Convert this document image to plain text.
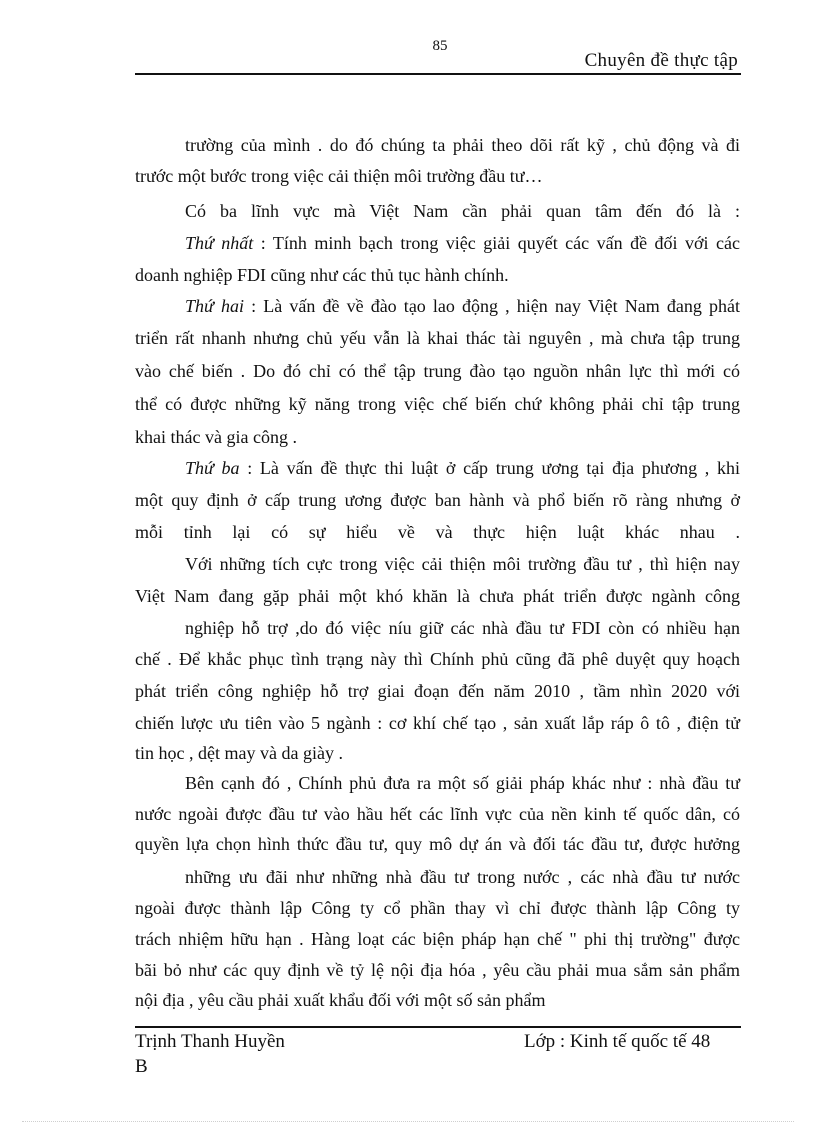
85
Chuyên đề thực tập
trường của mình . do đó chúng ta phải theo dõi rất kỹ , chủ động và đi
trước một bước trong việc cải thiện môi trường đầu tư…
Có ba lĩnh vực mà Việt Nam cần phải quan tâm đến đó là :
Thứ nhất : Tính minh bạch trong việc giải quyết các vấn đề đối với các
doanh nghiệp FDI cũng như các thủ tục hành chính.
Thứ hai : Là vấn đề về đào tạo lao động , hiện nay Việt Nam đang phát
triển rất nhanh nhưng chủ yếu vẫn là khai thác tài nguyên , mà chưa tập trung
vào chế biến . Do đó chỉ có thể tập trung đào tạo nguồn nhân lực thì mới có
thể có được những kỹ năng trong việc chế biến chứ không phải chỉ tập trung
khai thác và gia công .
Thứ ba : Là vấn đề thực thi luật ở cấp trung ương tại địa phương , khi
một quy định ở cấp trung ương được ban hành và phổ biến rõ ràng nhưng ở
mỗi tỉnh lại có sự hiểu về và thực hiện luật khác nhau .
Với những tích cực trong việc cải thiện môi trường đầu tư , thì hiện nay
Việt Nam đang gặp phải một khó khăn là chưa phát triển được ngành công
nghiệp hỗ trợ ,do đó việc níu giữ các nhà đầu tư FDI còn có nhiều hạn
chế . Để khắc phục tình trạng này thì Chính phủ cũng đã phê duyệt quy hoạch
phát triển công nghiệp hỗ trợ giai đoạn đến năm 2010 , tầm nhìn 2020 với
chiến lược ưu tiên vào 5 ngành : cơ khí chế tạo , sản xuất lắp ráp ô tô , điện tử
tin học , dệt may và da giày .
Bên cạnh đó , Chính phủ đưa ra một số giải pháp khác như : nhà đầu tư
nước ngoài được đầu tư vào hầu hết các lĩnh vực của nền kinh tế quốc dân, có
quyền lựa chọn hình thức đầu tư, quy mô dự án và đối tác đầu tư, được hưởng
những ưu đãi như những nhà đầu tư trong nước , các nhà đầu tư nước
ngoài được thành lập Công ty cổ phần thay vì chỉ được thành lập Công ty
trách nhiệm hữu hạn . Hàng loạt các biện pháp hạn chế " phi thị trường" được
bãi bỏ như các quy định về tỷ lệ nội địa hóa , yêu cầu phải mua sắm sản phẩm
nội địa , yêu cầu phải xuất khẩu đối với một số sản phẩm
Trịnh Thanh Huyền
B
Lớp : Kinh tế quốc tế 48
